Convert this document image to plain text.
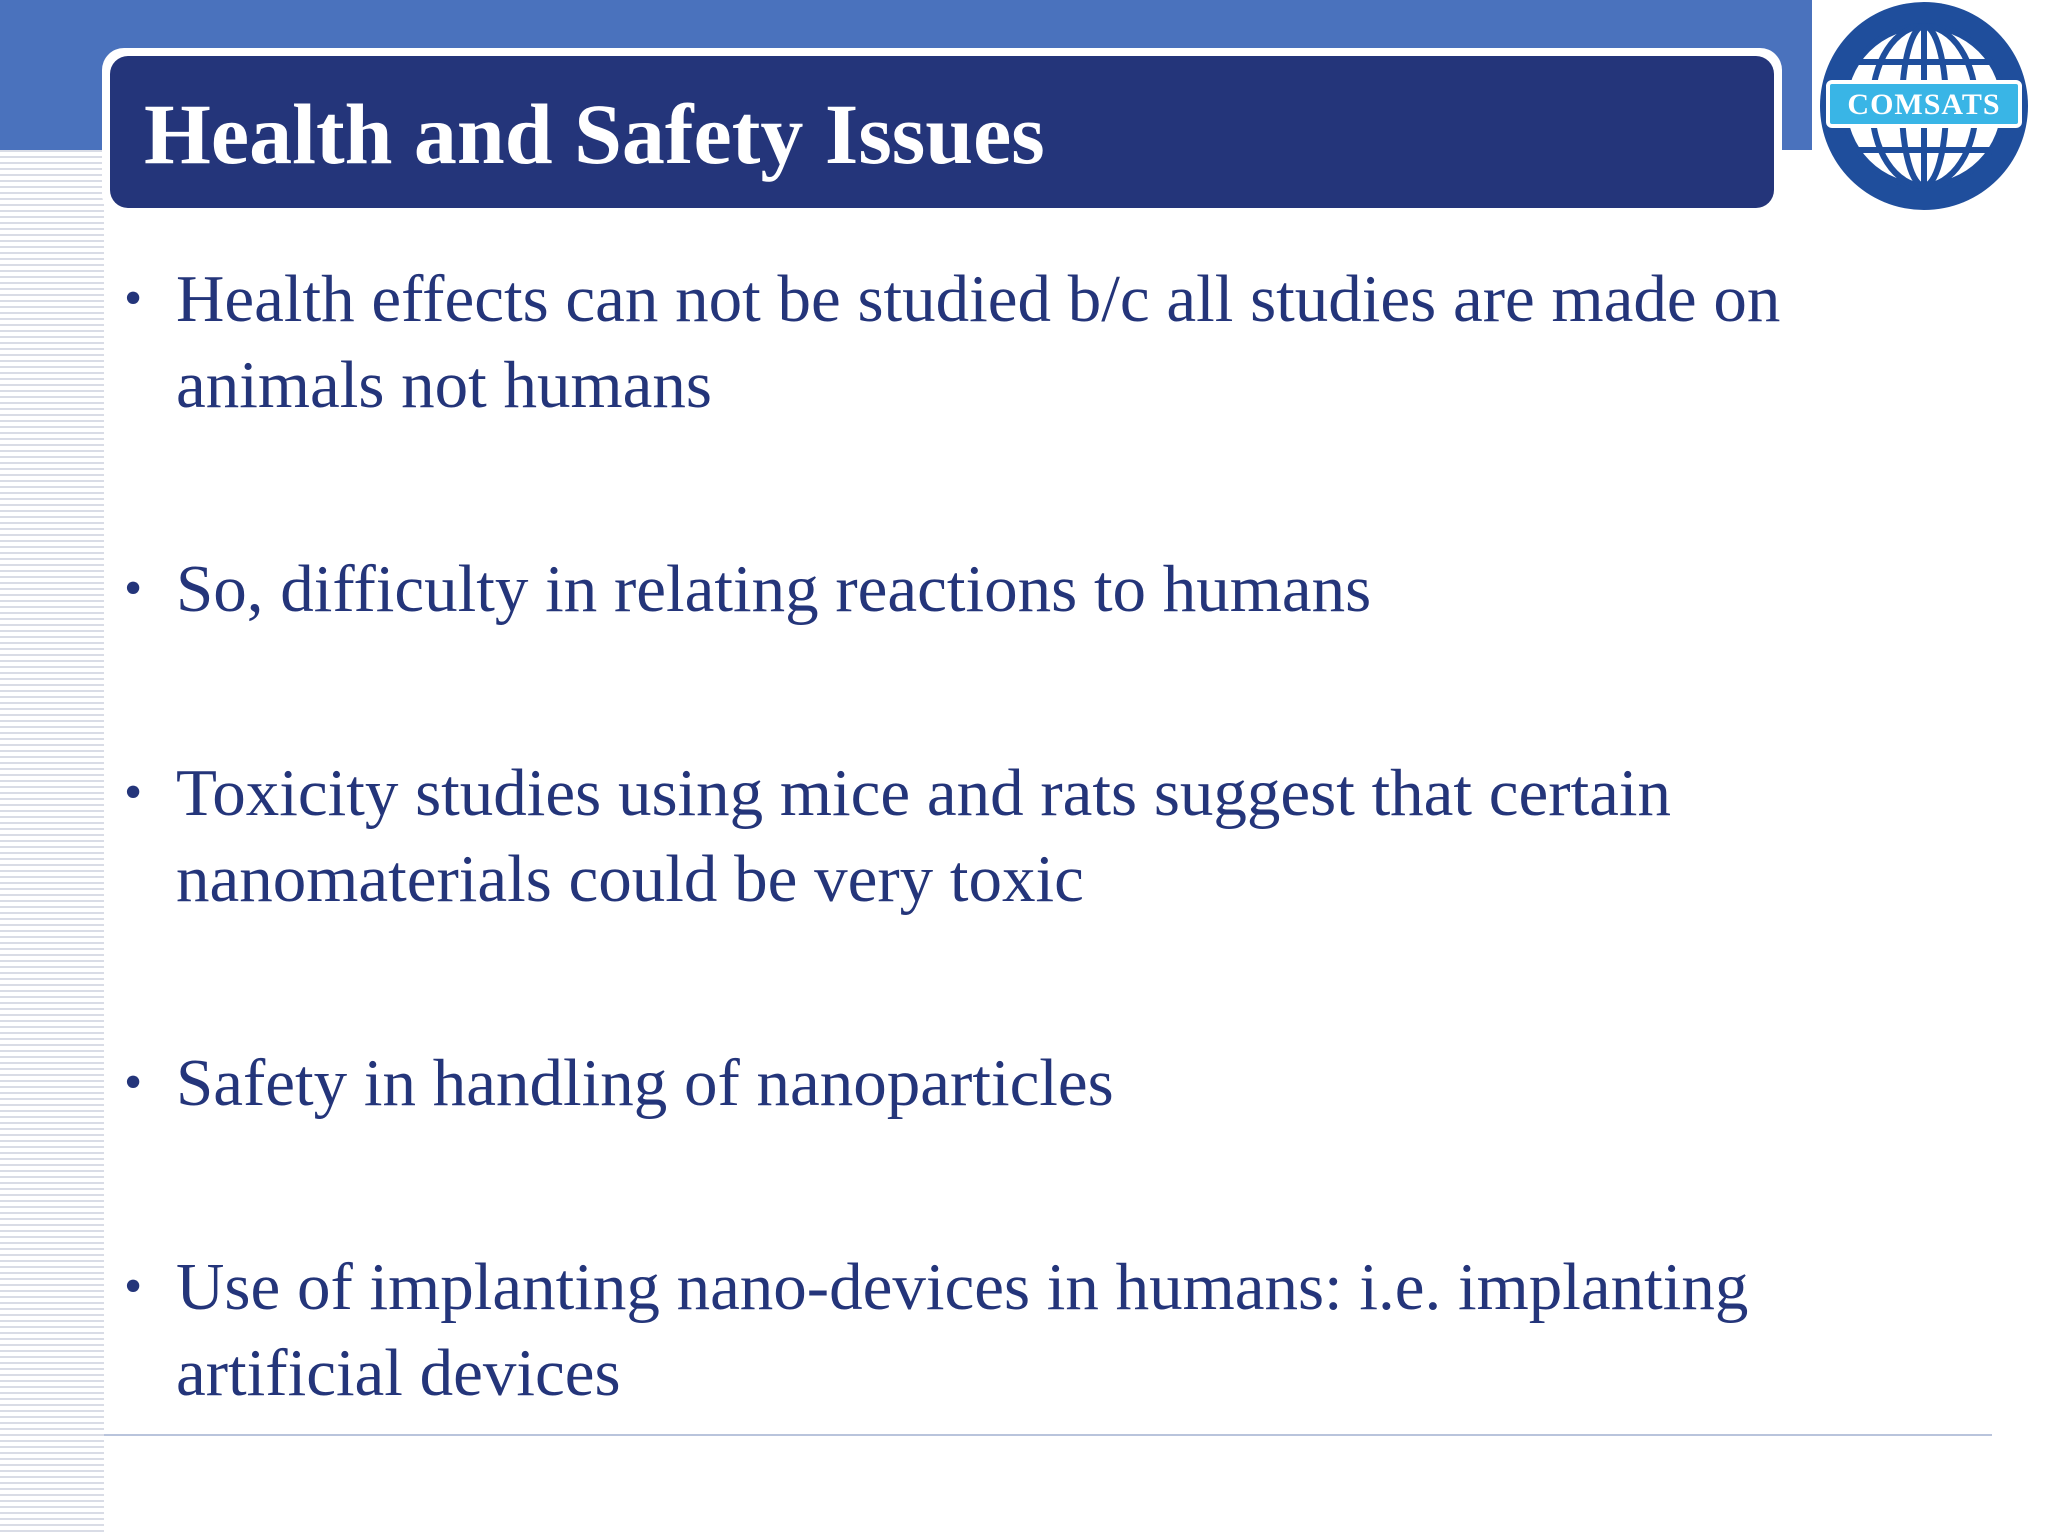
Health and Safety Issues	COMSATS
• Health effects can not be studied b/c all studies are made on animals not humans
• So, difficulty in relating reactions to humans
• Toxicity studies using mice and rats suggest that certain nanomaterials could be very toxic
• Safety in handling of nanoparticles
• Use of implanting nano-devices in humans: i.e. implanting artificial devices
